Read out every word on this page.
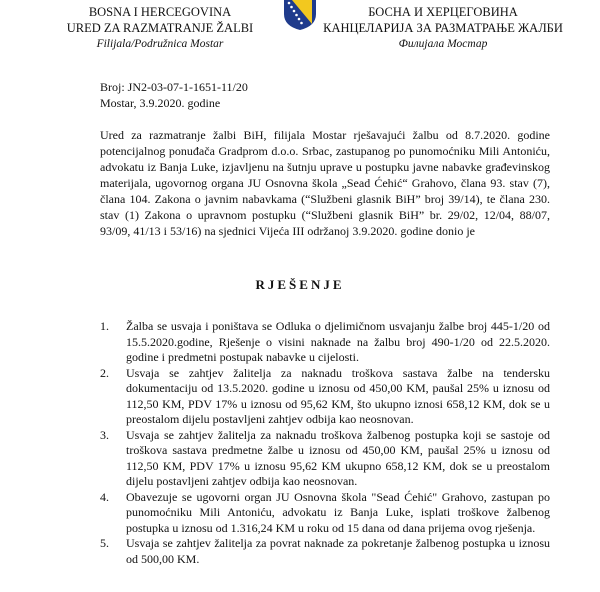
BOSNA I HERCEGOVINA
URED ZA RAZMATRANJE ŽALBI
Filijala/Podružnica Mostar
БОСНА И ХЕРЦЕГОВИНА
КАНЦЕЛАРИЈА ЗА РАЗМАТРАЊЕ ЖАЛБИ
Филијала Мостар
Broj: JN2-03-07-1-1651-11/20
Mostar, 3.9.2020. godine
Ured za razmatranje žalbi BiH, filijala Mostar rješavajući žalbu od 8.7.2020. godine potencijalnog ponuđača Gradprom d.o.o. Srbac, zastupanog po punomoćniku Mili Antoniću, advokatu iz Banja Luke, izjavljenu na šutnju uprave u postupku javne nabavke građevinskog materijala, ugovornog organa JU Osnovna škola „Sead Ćehić“ Grahovo, člana 93. stav (7), člana 104. Zakona o javnim nabavkama (“Službeni glasnik BiH” broj 39/14), te člana 230. stav (1) Zakona o upravnom postupku (“Službeni glasnik BiH” br. 29/02, 12/04, 88/07, 93/09, 41/13 i 53/16) na sjednici Vijeća III održanoj 3.9.2020. godine donio je
RJEŠENJE
1. Žalba se usvaja i poništava se Odluka o djelimičnom usvajanju žalbe broj 445-1/20 od 15.5.2020.godine, Rješenje o visini naknade na žalbu broj 490-1/20 od 22.5.2020. godine i predmetni postupak nabavke u cijelosti.
2. Usvaja se zahtjev žalitelja za naknadu troškova sastava žalbe na tendersku dokumentaciju od 13.5.2020. godine u iznosu od 450,00 KM, paušal 25% u iznosu od 112,50 KM, PDV 17% u iznosu od 95,62 KM, što ukupno iznosi 658,12 KM, dok se u preostalom dijelu postavljeni zahtjev odbija kao neosnovan.
3. Usvaja se zahtjev žalitelja za naknadu troškova žalbenog postupka koji se sastoje od troškova sastava predmetne žalbe u iznosu od 450,00 KM, paušal 25% u iznosu od 112,50 KM, PDV 17% u iznosu 95,62 KM ukupno 658,12 KM, dok se u preostalom dijelu postavljeni zahtjev odbija kao neosnovan.
4. Obavezuje se ugovorni organ JU Osnovna škola "Sead Ćehić" Grahovo, zastupan po punomoćniku Mili Antoniću, advokatu iz Banja Luke, isplati troškove žalbenog postupka u iznosu od 1.316,24 KM u roku od 15 dana od dana prijema ovog rješenja.
5. Usvaja se zahtjev žalitelja za povrat naknade za pokretanje žalbenog postupka u iznosu od 500,00 KM.
